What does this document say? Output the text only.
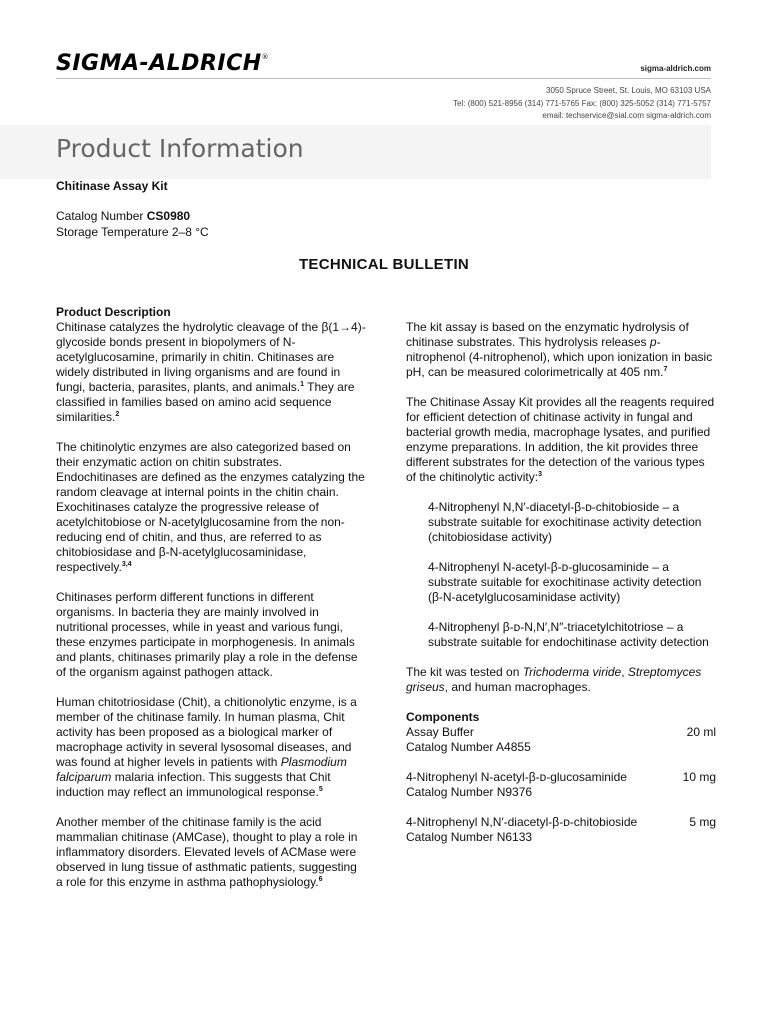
SIGMA-ALDRICH®
sigma-aldrich.com
3050 Spruce Street, St. Louis, MO 63103 USA
Tel: (800) 521-8956 (314) 771-5765 Fax: (800) 325-5052 (314) 771-5757
email: techservice@sial.com sigma-aldrich.com
Product Information
Chitinase Assay Kit
Catalog Number CS0980
Storage Temperature 2–8 °C
TECHNICAL BULLETIN
Product Description

Chitinase catalyzes the hydrolytic cleavage of the β(1→4)-glycoside bonds present in biopolymers of N-acetylglucosamine, primarily in chitin. Chitinases are widely distributed in living organisms and are found in fungi, bacteria, parasites, plants, and animals.$^1$ They are classified in families based on amino acid sequence similarities.$^2$

The chitinolytic enzymes are also categorized based on their enzymatic action on chitin substrates. Endochitinases are defined as the enzymes catalyzing the random cleavage at internal points in the chitin chain. Exochitinases catalyze the progressive release of acetylchitobiose or N-acetylglucosamine from the non-reducing end of chitin, and thus, are referred to as chitobiosidase and β-N-acetylglucosaminidase, respectively.$^{3,4}$

Chitinases perform different functions in different organisms. In bacteria they are mainly involved in nutritional processes, while in yeast and various fungi, these enzymes participate in morphogenesis. In animals and plants, chitinases primarily play a role in the defense of the organism against pathogen attack.

Human chitotriosidase (Chit), a chitionolytic enzyme, is a member of the chitinase family. In human plasma, Chit activity has been proposed as a biological marker of macrophage activity in several lysosomal diseases, and was found at higher levels in patients with Plasmodium falciparum malaria infection. This suggests that Chit induction may reflect an immunological response.$^5$

Another member of the chitinase family is the acid mammalian chitinase (AMCase), thought to play a role in inflammatory disorders. Elevated levels of ACMase were observed in lung tissue of asthmatic patients, suggesting a role for this enzyme in asthma pathophysiology.$^6$

The kit assay is based on the enzymatic hydrolysis of chitinase substrates. This hydrolysis releases p-nitrophenol (4-nitrophenol), which upon ionization in basic pH, can be measured colorimetrically at 405 nm.$^7$

The Chitinase Assay Kit provides all the reagents required for efficient detection of chitinase activity in fungal and bacterial growth media, macrophage lysates, and purified enzyme preparations. In addition, the kit provides three different substrates for the detection of the various types of the chitinolytic activity:$^3$

4-Nitrophenyl N,N′-diacetyl-β-ᴅ-chitobioside – a substrate suitable for exochitinase activity detection (chitobiosidase activity)

4-Nitrophenyl N-acetyl-β-ᴅ-glucosaminide – a substrate suitable for exochitinase activity detection (β-N-acetylglucosaminidase activity)

4-Nitrophenyl β-ᴅ-N,N′,N″-triacetylchitotriose – a substrate suitable for endochitinase activity detection

The kit was tested on Trichoderma viride, Streptomyces griseus, and human macrophages.

Components
Assay Buffer	20 ml
Catalog Number A4855
4-Nitrophenyl N-acetyl-β-ᴅ-glucosaminide	10 mg
Catalog Number N9376
4-Nitrophenyl N,N′-diacetyl-β-ᴅ-chitobioside	5 mg
Catalog Number N6133
